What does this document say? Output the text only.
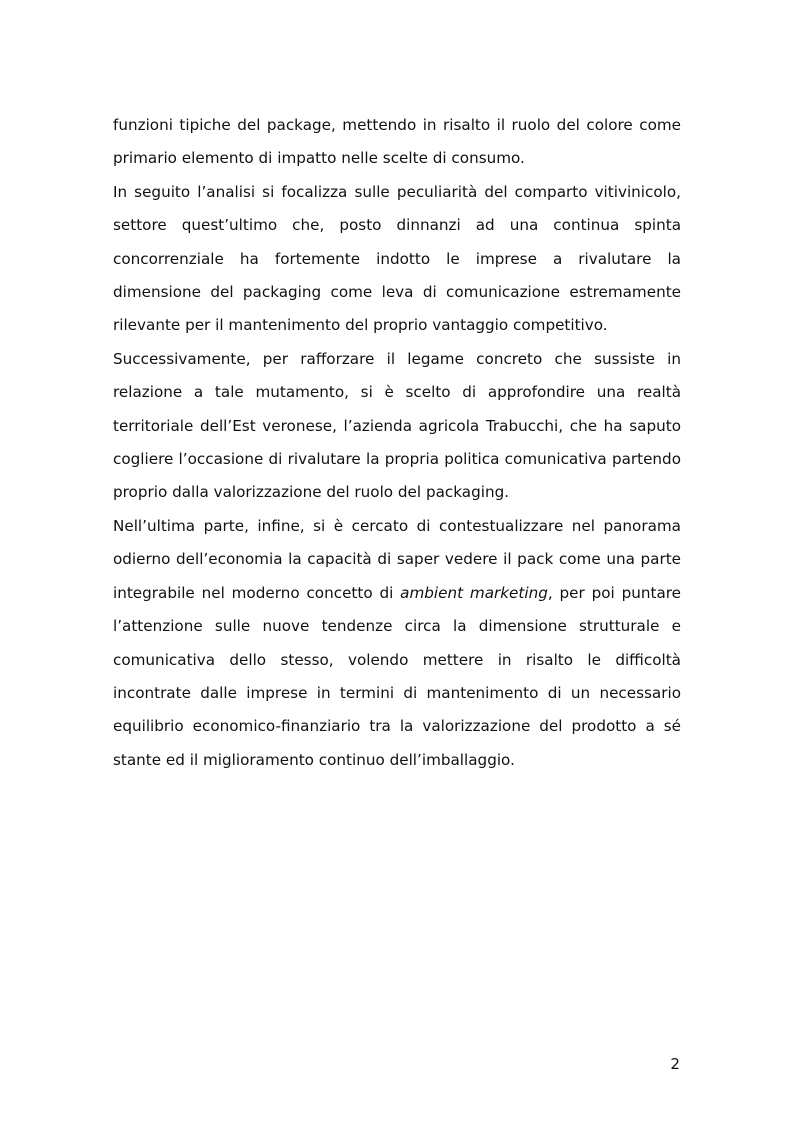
funzioni tipiche del package, mettendo in risalto il ruolo del colore come primario elemento di impatto nelle scelte di consumo.

In seguito l’analisi si focalizza sulle peculiarità del comparto vitivinicolo, settore quest’ultimo che, posto dinnanzi ad una continua spinta concorrenziale ha fortemente indotto le imprese a rivalutare la dimensione del packaging come leva di comunicazione estremamente rilevante per il mantenimento del proprio vantaggio competitivo.

Successivamente, per rafforzare il legame concreto che sussiste in relazione a tale mutamento, si è scelto di approfondire una realtà territoriale dell’Est veronese, l’azienda agricola Trabucchi, che ha saputo cogliere l’occasione di rivalutare la propria politica comunicativa partendo proprio dalla valorizzazione del ruolo del packaging.

Nell’ultima parte, infine, si è cercato di contestualizzare nel panorama odierno dell’economia la capacità di saper vedere il pack come una parte integrabile nel moderno concetto di ambient marketing, per poi puntare l’attenzione sulle nuove tendenze circa la dimensione strutturale e comunicativa dello stesso, volendo mettere in risalto le difficoltà incontrate dalle imprese in termini di mantenimento di un necessario equilibrio economico-finanziario tra la valorizzazione del prodotto a sé stante ed il miglioramento continuo dell’imballaggio.

2
